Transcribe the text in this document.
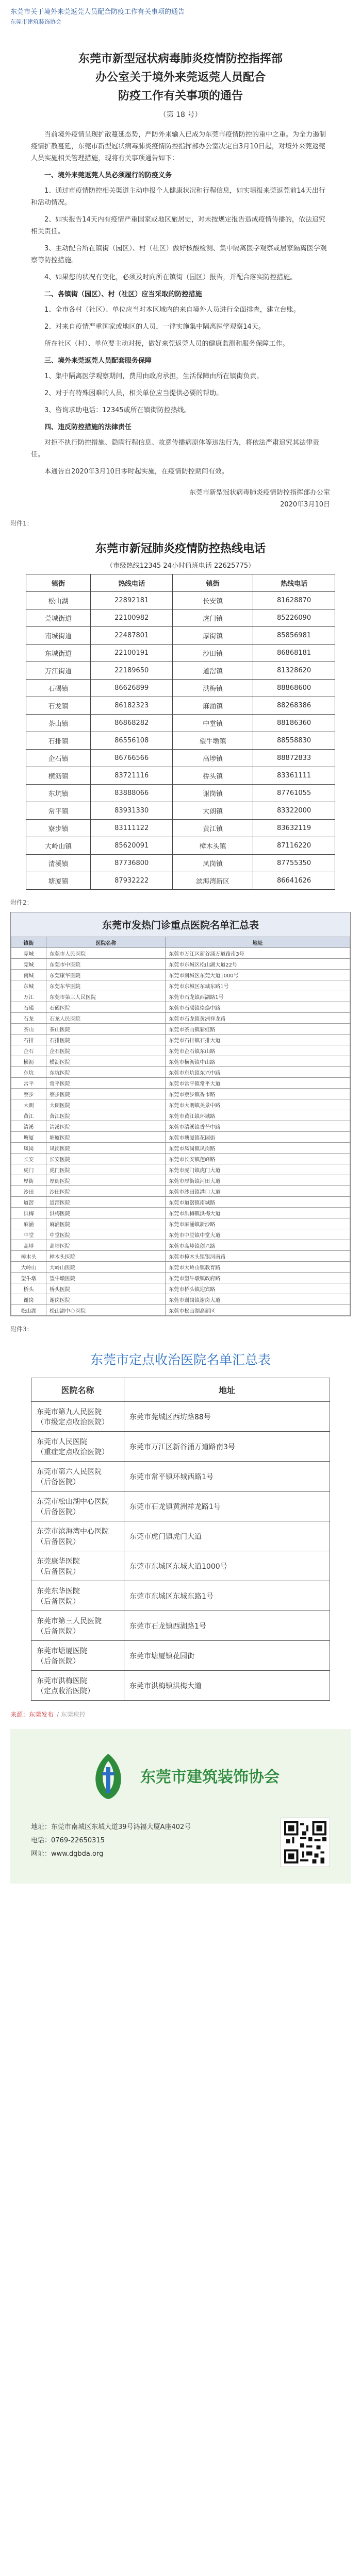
东莞市关于境外来莞返莞人员配合防疫工作有关事项的通告
东莞市建筑装饰协会
东莞市新型冠状病毒肺炎疫情防控指挥部
办公室关于境外来莞返莞人员配合
防疫工作有关事项的通告
（第 18 号）

当前境外疫情呈现扩散蔓延态势，严防外来输入已成为东莞市疫情防控的重中之重。为全力遏制疫情扩散蔓延，东莞市新型冠状病毒肺炎疫情防控指挥部办公室决定自3月10日起，对境外来莞返莞人员实施相关管理措施，现将有关事项通告如下：

一、境外来莞返莞人员必须履行的防疫义务

1、通过市疫情防控相关渠道主动申报个人健康状况和行程信息，如实填报来莞返莞前14天出行和活动情况。

2、如实报告14天内有疫情严重国家或地区旅居史，对未按规定报告造成疫情传播的，依法追究相关责任。

3、主动配合所在镇街（园区）、村（社区）做好核酸检测、集中隔离医学观察或居家隔离医学观察等防控措施。

4、如果您的状况有变化，必须及时向所在镇街（园区）报告，并配合落实防控措施。

二、各镇街（园区）、村（社区）应当采取的防控措施

1、全市各村（社区）、单位应当对本区域内的来自境外人员进行全面排查，建立台账。

2、对来自疫情严重国家或地区的人员，一律实施集中隔离医学观察14天。

所在社区（村）、单位要主动对接，做好来莞返莞人员的健康监测和服务保障工作。

三、境外来莞返莞人员配套服务保障

1、集中隔离医学观察期间，费用由政府承担，生活保障由所在镇街负责。

2、对于有特殊困难的人员，相关单位应当提供必要的帮助。

3、咨询求助电话：12345或所在镇街防控热线。

四、违反防控措施的法律责任

对拒不执行防控措施、隐瞒行程信息、故意传播病原体等违法行为，将依法严肃追究其法律责任。

本通告自2020年3月10日零时起实施，在疫情防控期间有效。

东莞市新型冠状病毒肺炎疫情防控指挥部办公室
2020年3月10日
附件1：
东莞市新冠肺炎疫情防控热线电话
（市级热线12345 24小时值班电话 22625775）
镇街	热线电话	镇街	热线电话
松山湖	22892181	长安镇	81628870
莞城街道	22100982	虎门镇	85226090
南城街道	22487801	厚街镇	85856981
东城街道	22100191	沙田镇	86868181
万江街道	22189650	道滘镇	81328620
石碣镇	86626899	洪梅镇	88868600
石龙镇	86182323	麻涌镇	88268386
茶山镇	86868282	中堂镇	88186360
石排镇	86556108	望牛墩镇	88558830
企石镇	86766566	高埗镇	88872833
横沥镇	83721116	桥头镇	83361111
东坑镇	83888066	谢岗镇	87761055
常平镇	83931330	大朗镇	83322000
寮步镇	83111122	黄江镇	83632119
大岭山镇	85620091	樟木头镇	87116220
清溪镇	87736800	凤岗镇	87755350
塘厦镇	87932222	滨海湾新区	86641626
附件2：
东莞市发热门诊重点医院名单汇总表
镇街	医院名称	地址
莞城	东莞市人民医院	东莞市万江区新谷涌万道路南3号
莞城	东莞市中医院	东莞市东城区松山湖大道22号
南城	东莞康华医院	东莞市南城区东莞大道1000号
东城	东莞东华医院	东莞市东城区东城东路1号
万江	东莞市第三人民医院	东莞市石龙镇西湖路1号
石碣	石碣医院	东莞市石碣镇崇焕中路
石龙	石龙人民医院	东莞市石龙镇黄洲祥龙路
茶山	茶山医院	东莞市茶山镇彩虹路
石排	石排医院	东莞市石排镇石排大道
企石	企石医院	东莞市企石镇东山路
横沥	横沥医院	东莞市横沥镇中山路
东坑	东坑医院	东莞市东坑镇东兴中路
常平	常平医院	东莞市常平镇常平大道
寮步	寮步医院	东莞市寮步镇香市路
大朗	大朗医院	东莞市大朗镇美景中路
黄江	黄江医院	东莞市黄江镇环城路
清溪	清溪医院	东莞市清溪镇香芒中路
塘厦	塘厦医院	东莞市塘厦镇花园街
凤岗	凤岗医院	东莞市凤岗镇凤岗路
长安	长安医院	东莞市长安镇莲峰路
虎门	虎门医院	东莞市虎门镇虎门大道
厚街	厚街医院	东莞市厚街镇河田大道
沙田	沙田医院	东莞市沙田镇港口大道
道滘	道滘医院	东莞市道滘镇南城路
洪梅	洪梅医院	东莞市洪梅镇洪梅大道
麻涌	麻涌医院	东莞市麻涌镇新沙路
中堂	中堂医院	东莞市中堂镇中堂大道
高埗	高埗医院	东莞市高埗镇创兴路
樟木头	樟木头医院	东莞市樟木头镇银河南路
大岭山	大岭山医院	东莞市大岭山镇教育路
望牛墩	望牛墩医院	东莞市望牛墩镇政府路
桥头	桥头医院	东莞市桥头镇迎宾路
谢岗	谢岗医院	东莞市谢岗镇谢岗大道
松山湖	松山湖中心医院	东莞市松山湖高新区
附件3：
东莞市定点收治医院名单汇总表
医院名称	地址
东莞市第九人民医院
（市级定点收治医院）	东莞市莞城区西坊路88号
东莞市人民医院
（重症定点收治医院）	东莞市万江区新谷涌万道路南3号
东莞市第六人民医院
（后备医院）	东莞市常平镇环城西路1号
东莞市松山湖中心医院
（后备医院）	东莞市石龙镇黄洲祥龙路1号
东莞市滨海湾中心医院
（后备医院）	东莞市虎门镇虎门大道
东莞康华医院
（后备医院）	东莞市东城区东城大道1000号
东莞东华医院
（后备医院）	东莞市东城区东城东路1号
东莞市第三人民医院
（后备医院）	东莞市石龙镇西湖路1号
东莞市塘厦医院
（后备医院）	东莞市塘厦镇花园街
东莞市洪梅医院
（定点收治医院）	东莞市洪梅镇洪梅大道
来源：东莞发布 / 东莞疾控
东莞市建筑装饰协会
地址：东莞市南城区东城大道39号鸿福大厦A座402号
电话：0769-22650315
网址：www.dgbda.org
